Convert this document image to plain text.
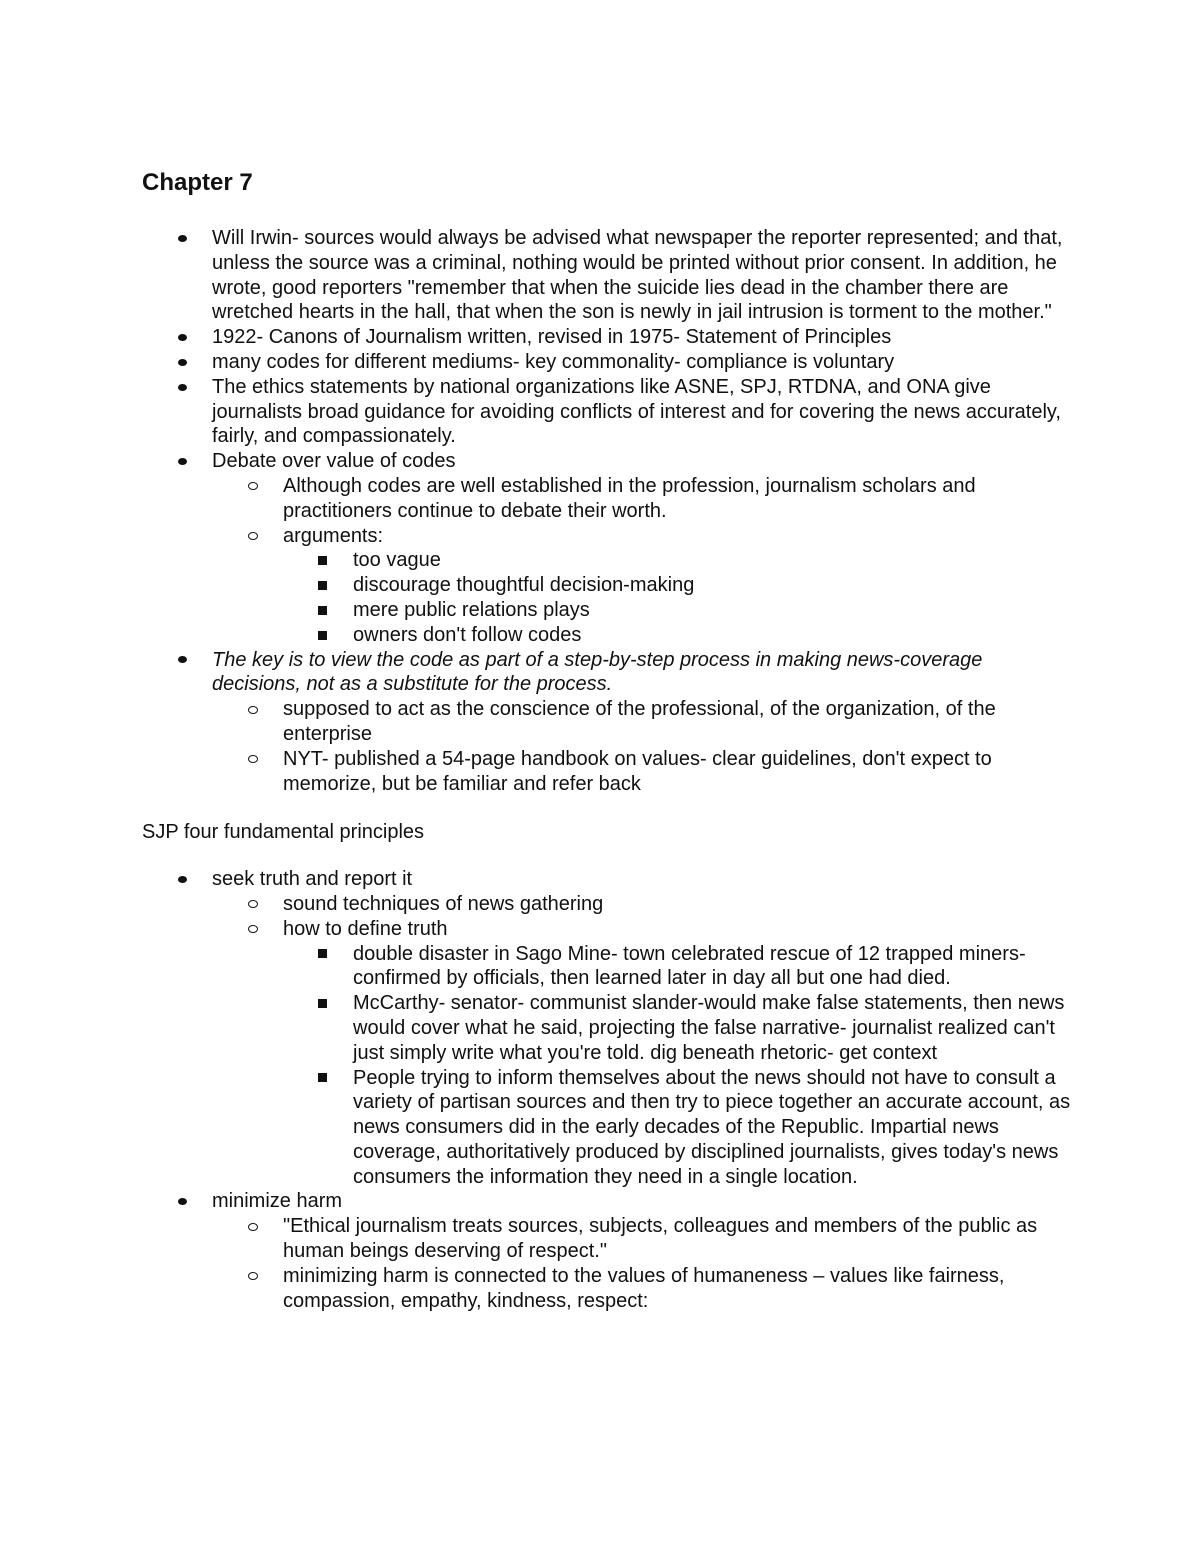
Chapter 7
Will Irwin- sources would always be advised what newspaper the reporter represented; and that, unless the source was a criminal, nothing would be printed without prior consent. In addition, he wrote, good reporters "remember that when the suicide lies dead in the chamber there are wretched hearts in the hall, that when the son is newly in jail intrusion is torment to the mother."
1922- Canons of Journalism written, revised in 1975- Statement of Principles
many codes for different mediums- key commonality- compliance is voluntary
The ethics statements by national organizations like ASNE, SPJ, RTDNA, and ONA give journalists broad guidance for avoiding conflicts of interest and for covering the news accurately, fairly, and compassionately.
Debate over value of codes
Although codes are well established in the profession, journalism scholars and practitioners continue to debate their worth.
arguments:
too vague
discourage thoughtful decision-making
mere public relations plays
owners don't follow codes
The key is to view the code as part of a step-by-step process in making news-coverage decisions, not as a substitute for the process.
supposed to act as the conscience of the professional, of the organization, of the enterprise
NYT- published a 54-page handbook on values- clear guidelines, don't expect to memorize, but be familiar and refer back
SJP four fundamental principles
seek truth and report it
sound techniques of news gathering
how to define truth
double disaster in Sago Mine- town celebrated rescue of 12 trapped miners-confirmed by officials, then learned later in day all but one had died.
McCarthy- senator- communist slander-would make false statements, then news would cover what he said, projecting the false narrative- journalist realized can't just simply write what you're told. dig beneath rhetoric- get context
People trying to inform themselves about the news should not have to consult a variety of partisan sources and then try to piece together an accurate account, as news consumers did in the early decades of the Republic. Impartial news coverage, authoritatively produced by disciplined journalists, gives today's news consumers the information they need in a single location.
minimize harm
"Ethical journalism treats sources, subjects, colleagues and members of the public as human beings deserving of respect."
minimizing harm is connected to the values of humaneness – values like fairness, compassion, empathy, kindness, respect:
